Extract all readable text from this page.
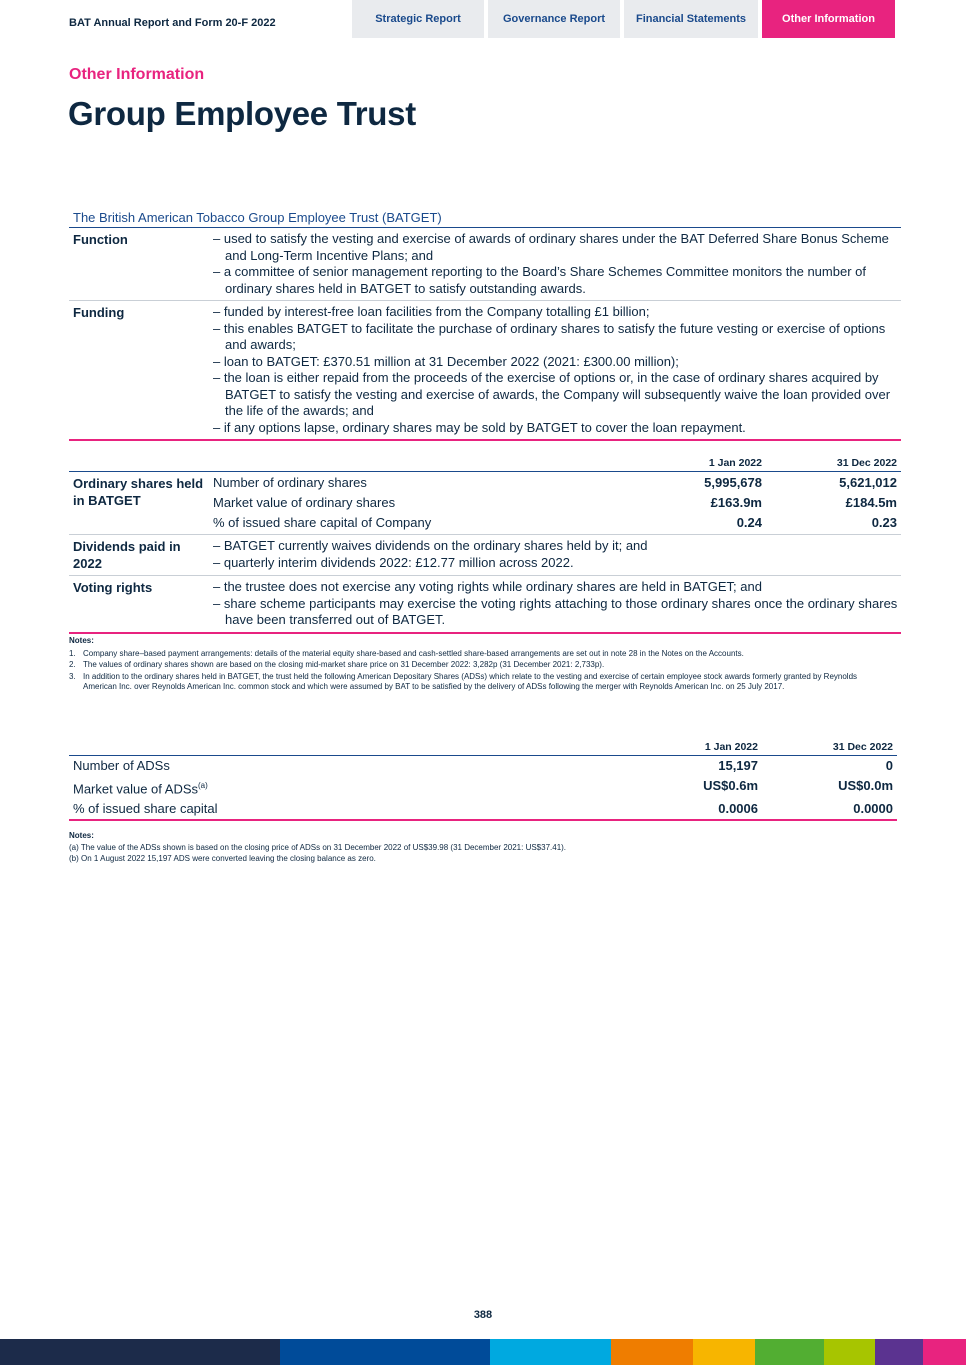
BAT Annual Report and Form 20-F 2022	Strategic Report	Governance Report	Financial Statements	Other Information
Other Information
Group Employee Trust
The British American Tobacco Group Employee Trust (BATGET)
Function	– used to satisfy the vesting and exercise of awards of ordinary shares under the BAT Deferred Share Bonus Scheme and Long-Term Incentive Plans; and
– a committee of senior management reporting to the Board’s Share Schemes Committee monitors the number of ordinary shares held in BATGET to satisfy outstanding awards.
Funding	– funded by interest-free loan facilities from the Company totalling £1 billion;
– this enables BATGET to facilitate the purchase of ordinary shares to satisfy the future vesting or exercise of options and awards;
– loan to BATGET: £370.51 million at 31 December 2022 (2021: £300.00 million);
– the loan is either repaid from the proceeds of the exercise of options or, in the case of ordinary shares acquired by BATGET to satisfy the vesting and exercise of awards, the Company will subsequently waive the loan provided over the life of the awards; and
– if any options lapse, ordinary shares may be sold by BATGET to cover the loan repayment.
1 Jan 2022	31 Dec 2022
Ordinary shares held in BATGET
Number of ordinary shares	5,995,678	5,621,012
Market value of ordinary shares	£163.9m	£184.5m
% of issued share capital of Company	0.24	0.23
Dividends paid in 2022
– BATGET currently waives dividends on the ordinary shares held by it; and
– quarterly interim dividends 2022: £12.77 million across 2022.
Voting rights	– the trustee does not exercise any voting rights while ordinary shares are held in BATGET; and
– share scheme participants may exercise the voting rights attaching to those ordinary shares once the ordinary shares have been transferred out of BATGET.
Notes:
1. Company share–based payment arrangements: details of the material equity share-based and cash-settled share-based arrangements are set out in note 28 in the Notes on the Accounts.
2. The values of ordinary shares shown are based on the closing mid-market share price on 31 December 2022: 3,282p (31 December 2021: 2,733p).
3. In addition to the ordinary shares held in BATGET, the trust held the following American Depositary Shares (ADSs) which relate to the vesting and exercise of certain employee stock awards formerly granted by Reynolds American Inc. over Reynolds American Inc. common stock and which were assumed by BAT to be satisfied by the delivery of ADSs following the merger with Reynolds American Inc. on 25 July 2017.
1 Jan 2022	31 Dec 2022
Number of ADSs	15,197	0
Market value of ADSs$^{(a)}$	US$0.6m	US$0.0m
% of issued share capital	0.0006	0.0000
Notes:
(a) The value of the ADSs shown is based on the closing price of ADSs on 31 December 2022 of US$39.98 (31 December 2021: US$37.41).
(b) On 1 August 2022 15,197 ADS were converted leaving the closing balance as zero.
388
